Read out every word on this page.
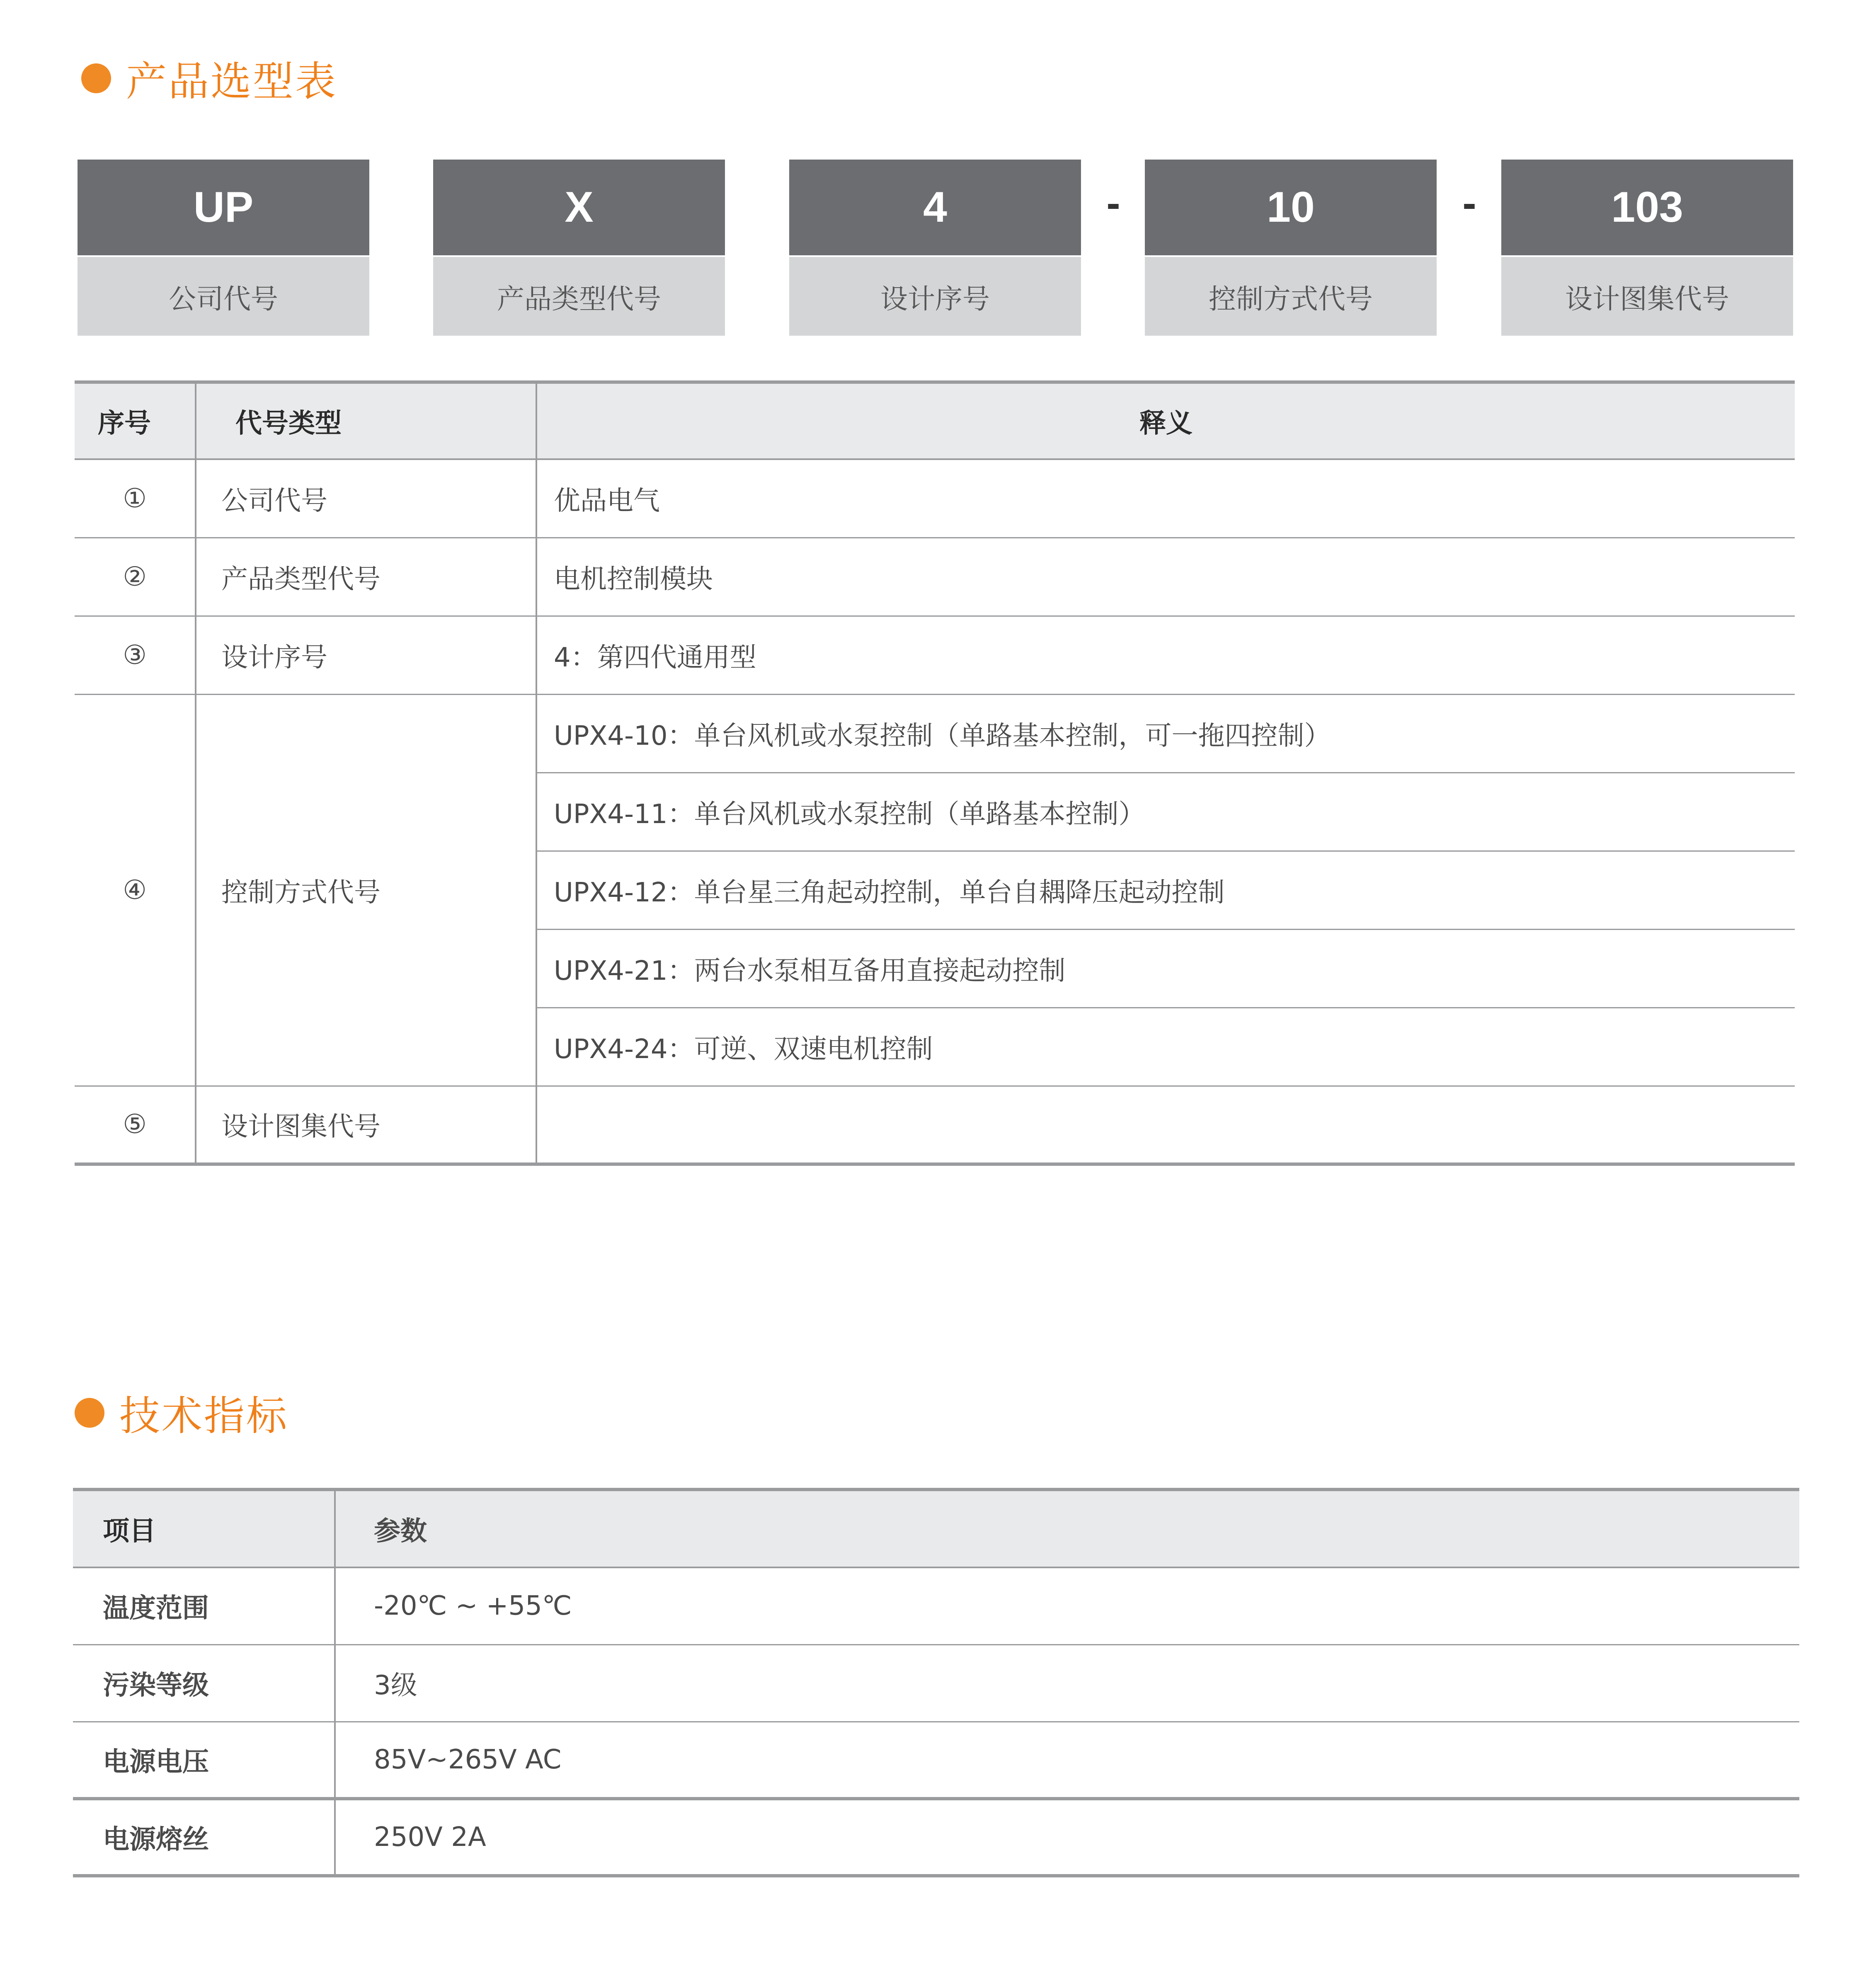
产品选型表
UP
公司代号
X
产品类型代号
4
设计序号
-	10
控制方式代号
-	103
设计图集代号
序号	代号类型	释义
①	公司代号	优品电气
②	产品类型代号	电机控制模块
③	设计序号	4：第四代通用型
④	控制方式代号	UPX4-10：单台风机或水泵控制（单路基本控制，可一拖四控制）
		UPX4-11：单台风机或水泵控制（单路基本控制）
		UPX4-12：单台星三角起动控制，单台自耦降压起动控制
		UPX4-21：两台水泵相互备用直接起动控制
		UPX4-24：可逆、双速电机控制
⑤	设计图集代号	
技术指标
项目	参数
温度范围	-20℃ ~ +55℃
污染等级	3级
电源电压	85V~265V AC
电源熔丝	250V 2A
